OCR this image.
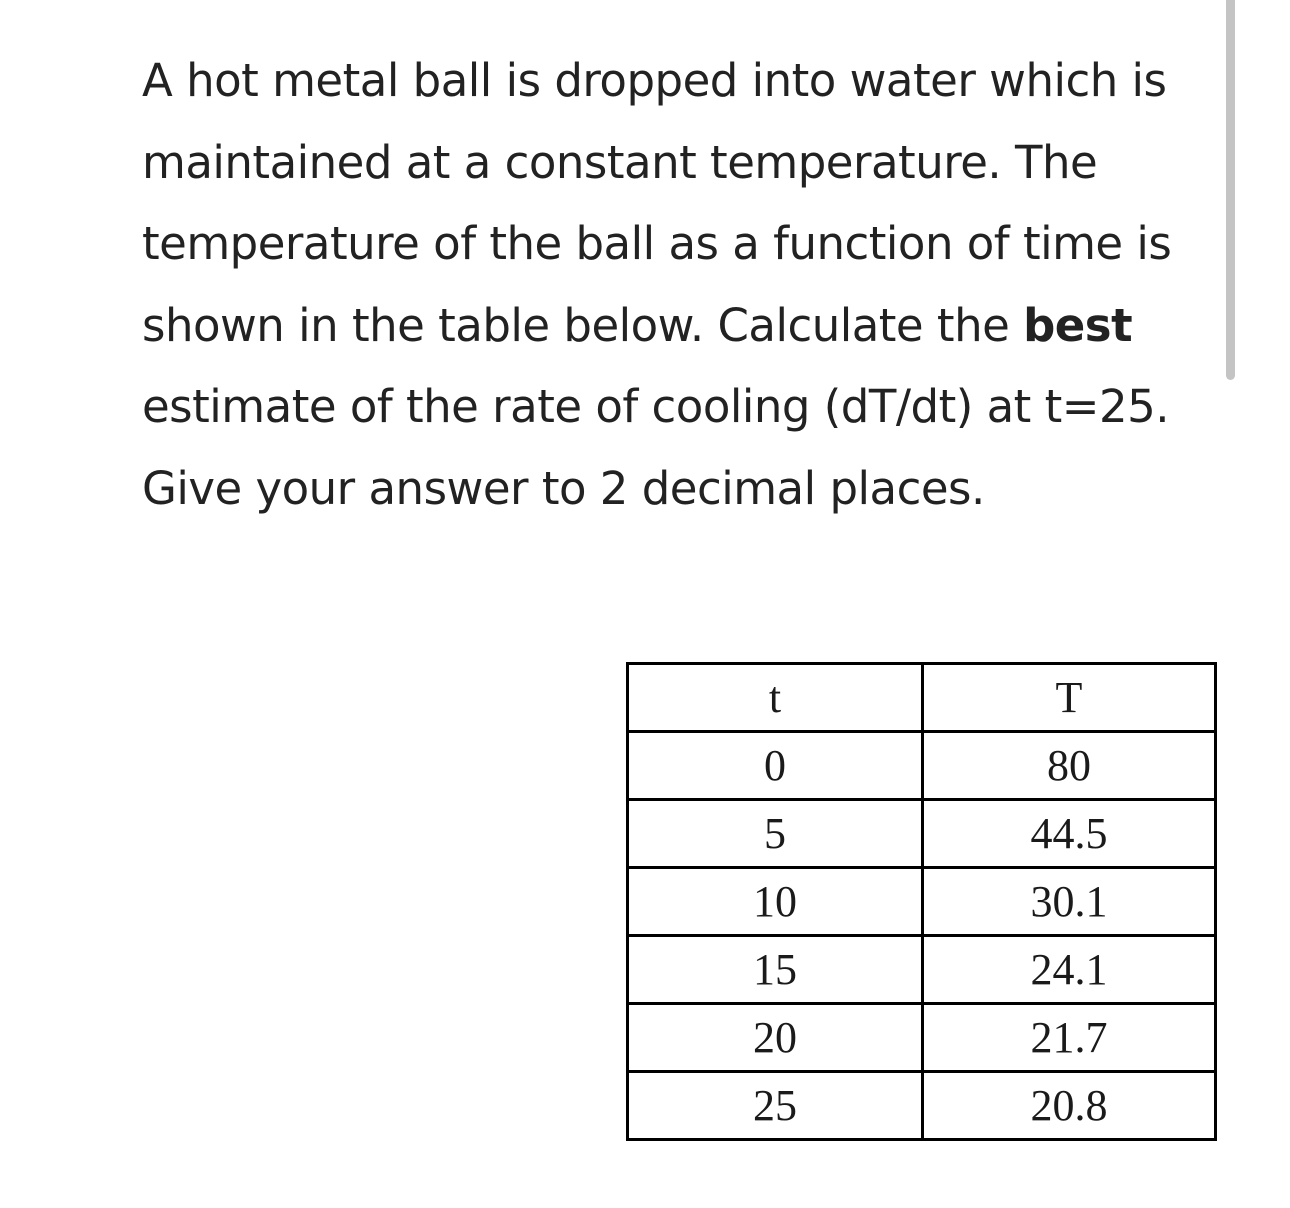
A hot metal ball is dropped into water which is maintained at a constant temperature. The temperature of the ball as a function of time is shown in the table below. Calculate the best estimate of the rate of cooling (dT/dt) at t=25. Give your answer to 2 decimal places.

t	T
0	80
5	44.5
10	30.1
15	24.1
20	21.7
25	20.8
